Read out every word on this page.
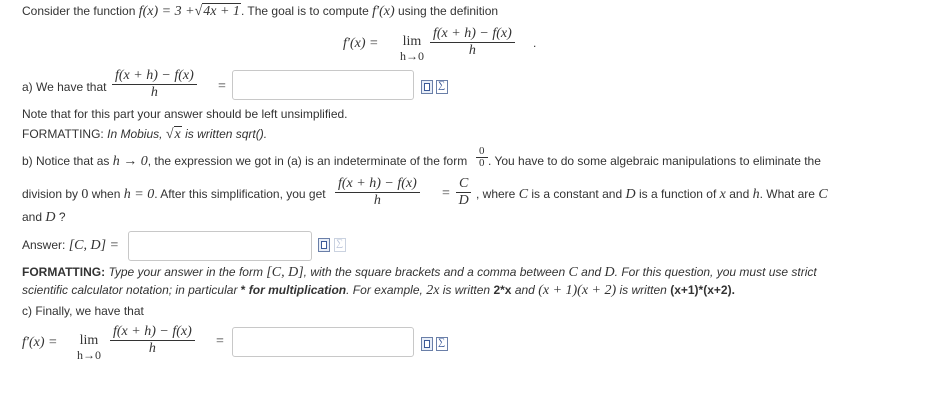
Consider the function f(x) = 3 +√4x + 1. The goal is to compute f′(x) using the definition
f′(x) =	lim
$h\to 0 \frac{f(x + h) - f(x)}{h}$ .
a) We have that $\frac{f(x + h) - f(x)}{h}$ =	∑
Note that for this part your answer should be left unsimplified.
FORMATTING: In Mobius, √x is written sqrt().
b) Notice that as h → 0, the expression we got in (a) is an indeterminate of the form $\frac{0}{0}$ . You have to do some algebraic manipulations to eliminate the
division by 0 when h = 0. After this simplification, you get $\frac{f(x + h) - f(x)}{h} = \frac{C}{D}$ , where C is a constant and D is a function of x and h. What are C
and D ?
Answer: [C, D] =	∑
FORMATTING: Type your answer in the form [C, D], with the square brackets and a comma between C and D. For this question, you must use strict
scientific calculator notation; in particular * for multiplication. For example, 2x is written 2*x and (x + 1)(x + 2) is written (x+1)*(x+2).
c) Finally, we have that
f′(x) =	lim
$h\to 0 \frac{f(x + h) - f(x)}{h}$ =	∑
